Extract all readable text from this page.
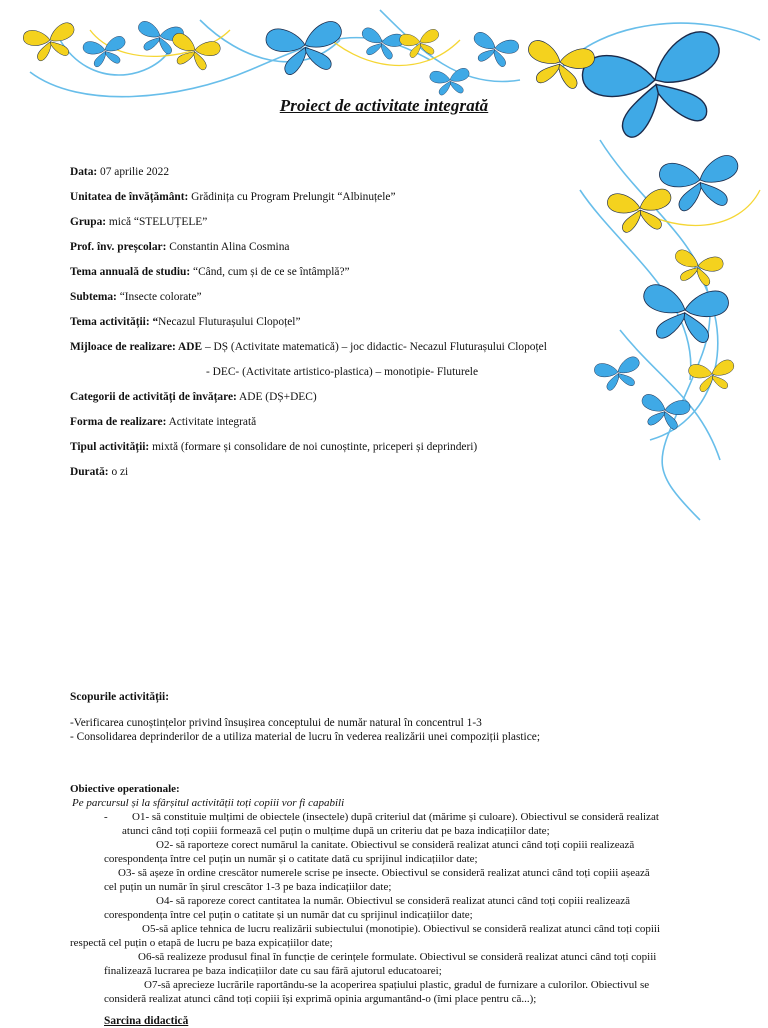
Proiect de activitate integrată
Data: 07 aprilie 2022
Unitatea de învățământ: Grădinița cu Program Prelungit “Albinuțele”
Grupa: mică “STELUȚELE”
Prof. înv. preșcolar: Constantin Alina Cosmina
Tema annuală de studiu: “Când, cum și de ce se întâmplă?”
Subtema: “Insecte colorate”
Tema activității: “Necazul Fluturașului Clopoțel”
Mijloace de realizare: ADE – DȘ (Activitate matematică) – joc didactic- Necazul Fluturașului Clopoțel
- DEC- (Activitate artistico-plastica) – monotipie- Fluturele
Categorii de activități de învățare: ADE (DȘ+DEC)
Forma de realizare: Activitate integrată
Tipul activității: mixtă (formare și consolidare de noi cunoștinte, priceperi și deprinderi)
Durată: o zi
Scopurile activității:
-Verificarea cunoștințelor privind însușirea conceptului de număr natural în concentrul 1-3
- Consolidarea deprinderilor de a utiliza material de lucru în vederea realizării unei compoziții plastice;
Obiective operationale:
Pe parcursul și la sfârșitul activității toți copiii vor fi capabili
- O1- să constituie mulțimi de obiectele (insectele) după criteriul dat (mărime și culoare). Obiectivul se consideră realizat
atunci când toți copiii formează cel puțin o mulțime după un criteriu dat pe baza indicațiilor date;
O2- să raporteze corect numărul la canitate. Obiectivul se consideră realizat atunci când toți copiii realizează
corespondența între cel puțin un număr și o catitate dată cu sprijinul indicațiilor date;
O3- să așeze în ordine crescător numerele scrise pe insecte. Obiectivul se consideră realizat atunci când toți copiii așează
cel puțin un număr în șirul crescător 1-3 pe baza indicațiilor date;
O4- să raporeze corect cantitatea la număr. Obiectivul se consideră realizat atunci când toți copiii realizează
corespondența între cel puțin o catitate și un număr dat cu sprijinul indicațiilor date;
O5-să aplice tehnica de lucru realizării subiectului (monotipie). Obiectivul se consideră realizat atunci când toți copiii
respectă cel puțin o etapă de lucru pe baza expicațiilor date;
O6-să realizeze produsul final în funcție de cerințele formulate. Obiectivul se consideră realizat atunci când toți copiii
finalizează lucrarea pe baza indicațiilor date cu sau fără ajutorul educatoarei;
O7-să aprecieze lucrările raportându-se la acoperirea spațiului plastic, gradul de furnizare a culorilor. Obiectivul se
consideră realizat atunci când toți copiii își exprimă opinia argumantând-o (îmi place pentru că...);
Sarcina didactică
